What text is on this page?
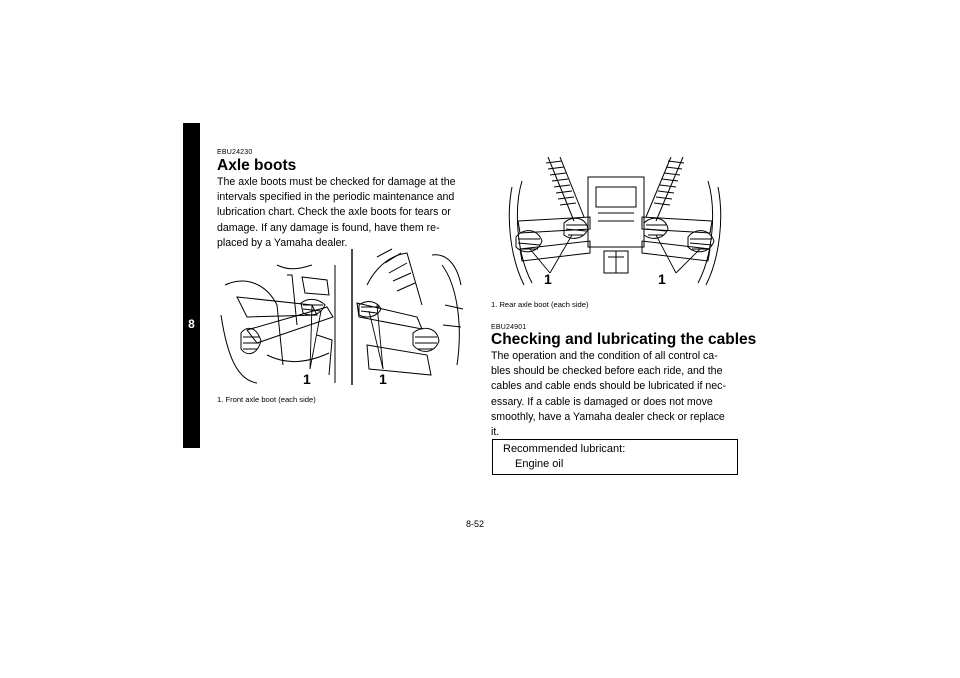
8
EBU24230
Axle boots
The axle boots must be checked for damage at the
intervals specified in the periodic maintenance and
lubrication chart. Check the axle boots for tears or
damage. If any damage is found, have them re-
placed by a Yamaha dealer.
1	1
1. Front axle boot (each side)
1	1
1. Rear axle boot (each side)
EBU24901
Checking and lubricating the cables
The operation and the condition of all control ca-
bles should be checked before each ride, and the
cables and cable ends should be lubricated if nec-
essary. If a cable is damaged or does not move
smoothly, have a Yamaha dealer check or replace
it.
Recommended lubricant:
Engine oil
8-52
